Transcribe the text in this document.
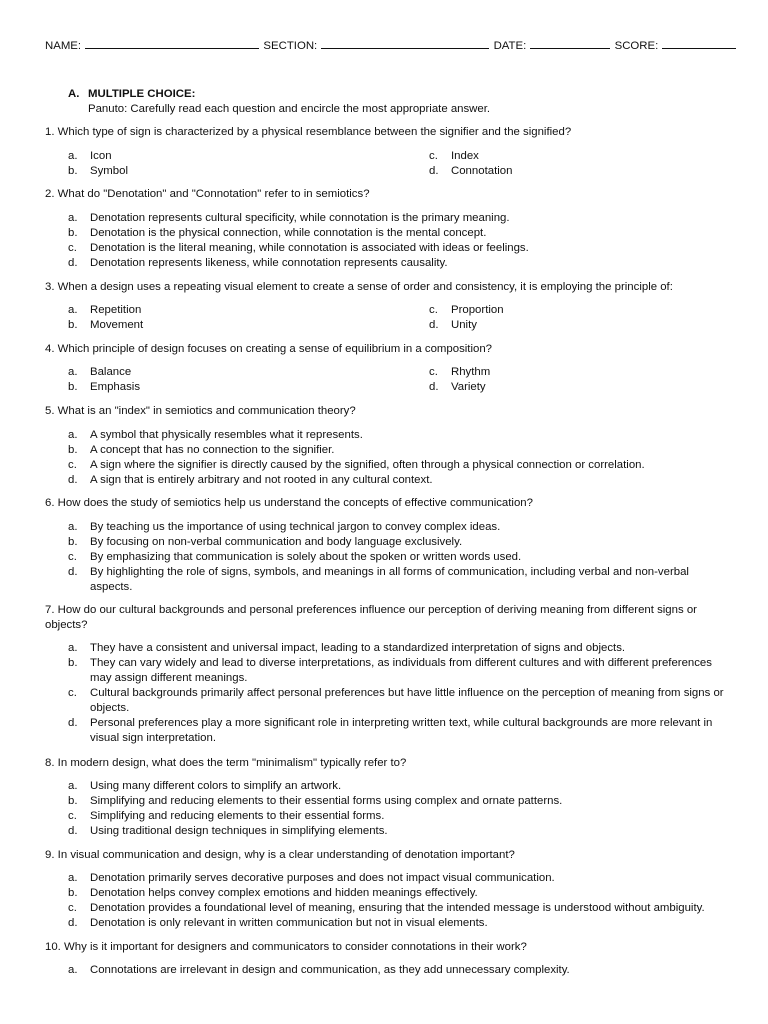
NAME:	SECTION:	DATE:	SCORE:
A. MULTIPLE CHOICE:
Panuto: Carefully read each question and encircle the most appropriate answer.
1. Which type of sign is characterized by a physical resemblance between the signifier and the signified?
a.	Icon	c.	Index
b.	Symbol	d.	Connotation
2. What do "Denotation" and "Connotation" refer to in semiotics?
a.	Denotation represents cultural specificity, while connotation is the primary meaning.
b.	Denotation is the physical connection, while connotation is the mental concept.
c.	Denotation is the literal meaning, while connotation is associated with ideas or feelings.
d.	Denotation represents likeness, while connotation represents causality.
3. When a design uses a repeating visual element to create a sense of order and consistency, it is employing the principle of:
a.	Repetition	c.	Proportion
b.	Movement	d.	Unity
4. Which principle of design focuses on creating a sense of equilibrium in a composition?
a.	Balance	c.	Rhythm
b.	Emphasis	d.	Variety
5. What is an "index" in semiotics and communication theory?
a.	A symbol that physically resembles what it represents.
b.	A concept that has no connection to the signifier.
c.	A sign where the signifier is directly caused by the signified, often through a physical connection or correlation.
d.	A sign that is entirely arbitrary and not rooted in any cultural context.
6. How does the study of semiotics help us understand the concepts of effective communication?
a.	By teaching us the importance of using technical jargon to convey complex ideas.
b.	By focusing on non-verbal communication and body language exclusively.
c.	By emphasizing that communication is solely about the spoken or written words used.
d.	By highlighting the role of signs, symbols, and meanings in all forms of communication, including verbal and non-verbal aspects.
7. How do our cultural backgrounds and personal preferences influence our perception of deriving meaning from different signs or objects?
a.	They have a consistent and universal impact, leading to a standardized interpretation of signs and objects.
b.	They can vary widely and lead to diverse interpretations, as individuals from different cultures and with different preferences may assign different meanings.
c.	Cultural backgrounds primarily affect personal preferences but have little influence on the perception of meaning from signs or objects.
d.	Personal preferences play a more significant role in interpreting written text, while cultural backgrounds are more relevant in visual sign interpretation.
8. In modern design, what does the term "minimalism" typically refer to?
a.	Using many different colors to simplify an artwork.
b.	Simplifying and reducing elements to their essential forms using complex and ornate patterns.
c.	Simplifying and reducing elements to their essential forms.
d.	Using traditional design techniques in simplifying elements.
9. In visual communication and design, why is a clear understanding of denotation important?
a.	Denotation primarily serves decorative purposes and does not impact visual communication.
b.	Denotation helps convey complex emotions and hidden meanings effectively.
c.	Denotation provides a foundational level of meaning, ensuring that the intended message is understood without ambiguity.
d.	Denotation is only relevant in written communication but not in visual elements.
10. Why is it important for designers and communicators to consider connotations in their work?
a.	Connotations are irrelevant in design and communication, as they add unnecessary complexity.
